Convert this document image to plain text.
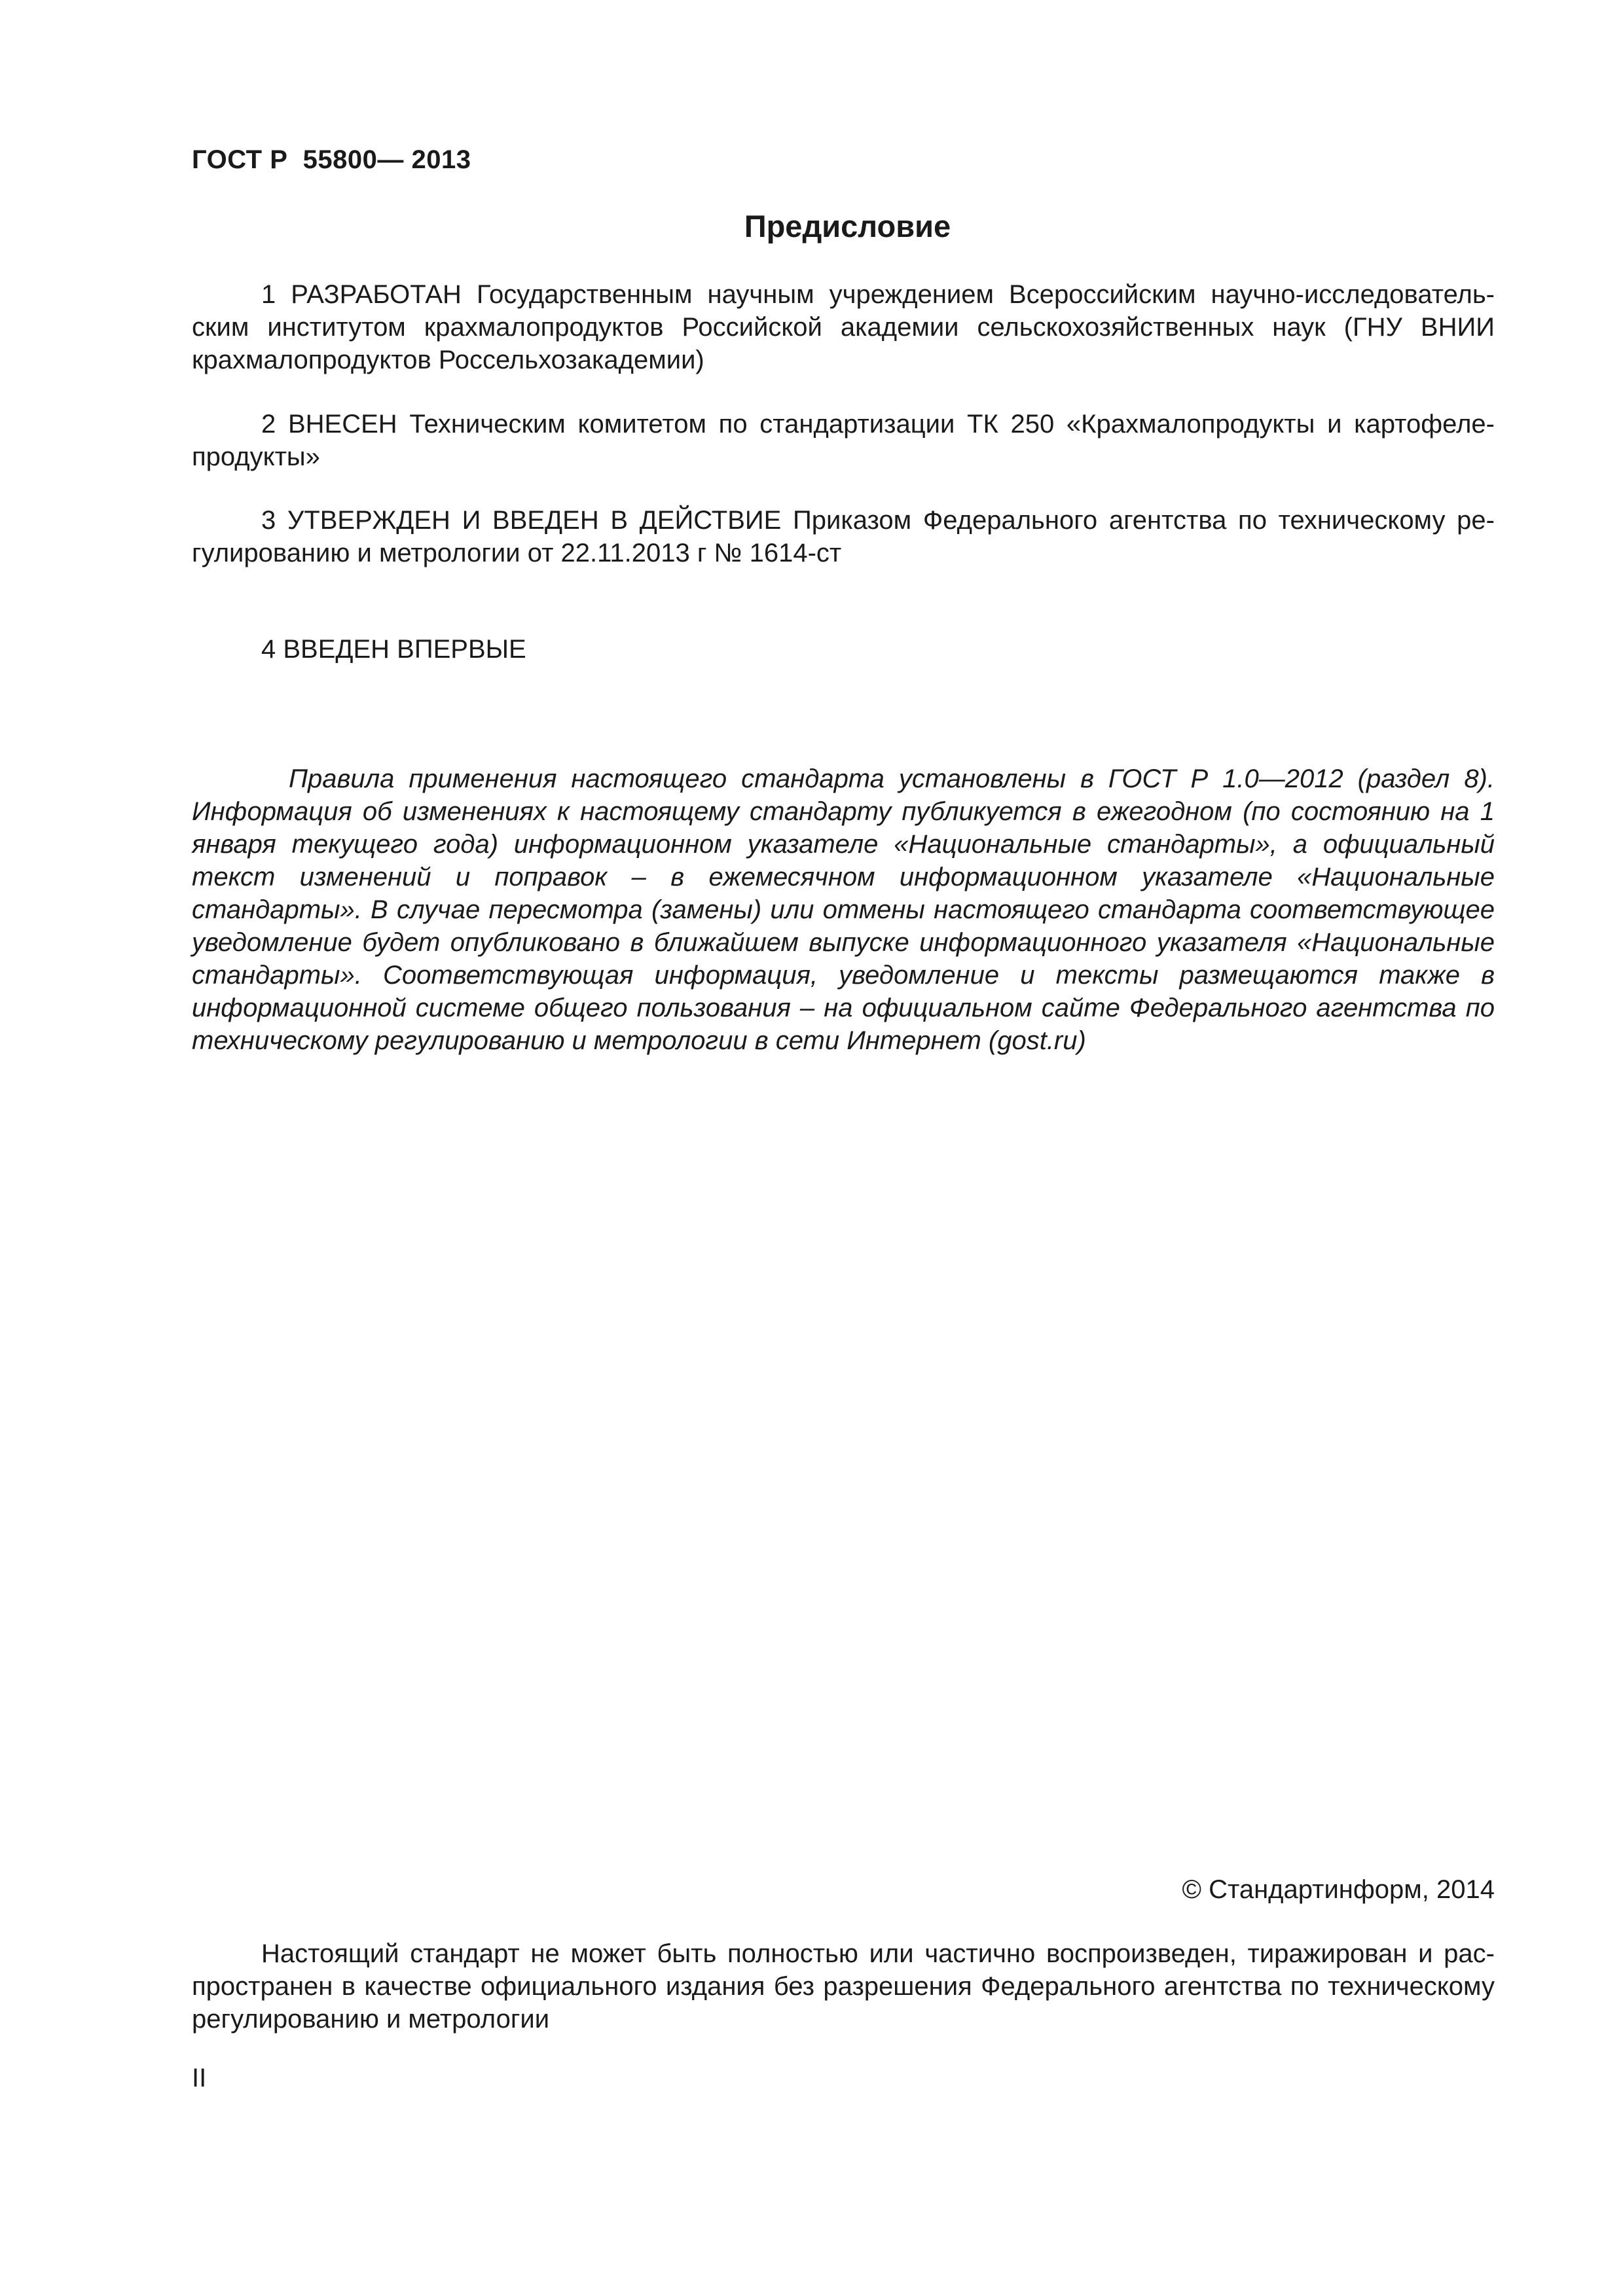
ГОСТ Р  55800— 2013
Предисловие

1 РАЗРАБОТАН Государственным научным учреждением Всероссийским научно-исследовательским институтом крахмалопродуктов Российской академии сельскохозяйственных наук (ГНУ ВНИИ крахмалопродуктов Россельхозакадемии)

2 ВНЕСЕН Техническим комитетом по стандартизации ТК 250 «Крахмалопродукты и картофелепродукты»

3 УТВЕРЖДЕН И ВВЕДЕН В ДЕЙСТВИЕ Приказом Федерального агентства по техническому регулированию и метрологии от 22.11.2013 г № 1614-ст

4 ВВЕДЕН ВПЕРВЫЕ

Правила применения настоящего стандарта установлены в ГОСТ Р 1.0—2012 (раздел 8). Информация об изменениях к настоящему стандарту публикуется в ежегодном (по состоянию на 1 января текущего года) информационном указателе «Национальные стандарты», а официальный текст изменений и поправок – в ежемесячном информационном указателе «Национальные стандарты». В случае пересмотра (замены) или отмены настоящего стандарта соответствующее уведомление будет опубликовано в ближайшем выпуске информационного указателя «Национальные стандарты». Соответствующая информация, уведомление и тексты размещаются также в информационной системе общего пользования – на официальном сайте Федерального агентства по техническому регулированию и метрологии в сети Интернет (gost.ru)

© Стандартинформ, 2014

Настоящий стандарт не может быть полностью или частично воспроизведен, тиражирован и распространен в качестве официального издания без разрешения Федерального агентства по техническому регулированию и метрологии

II
